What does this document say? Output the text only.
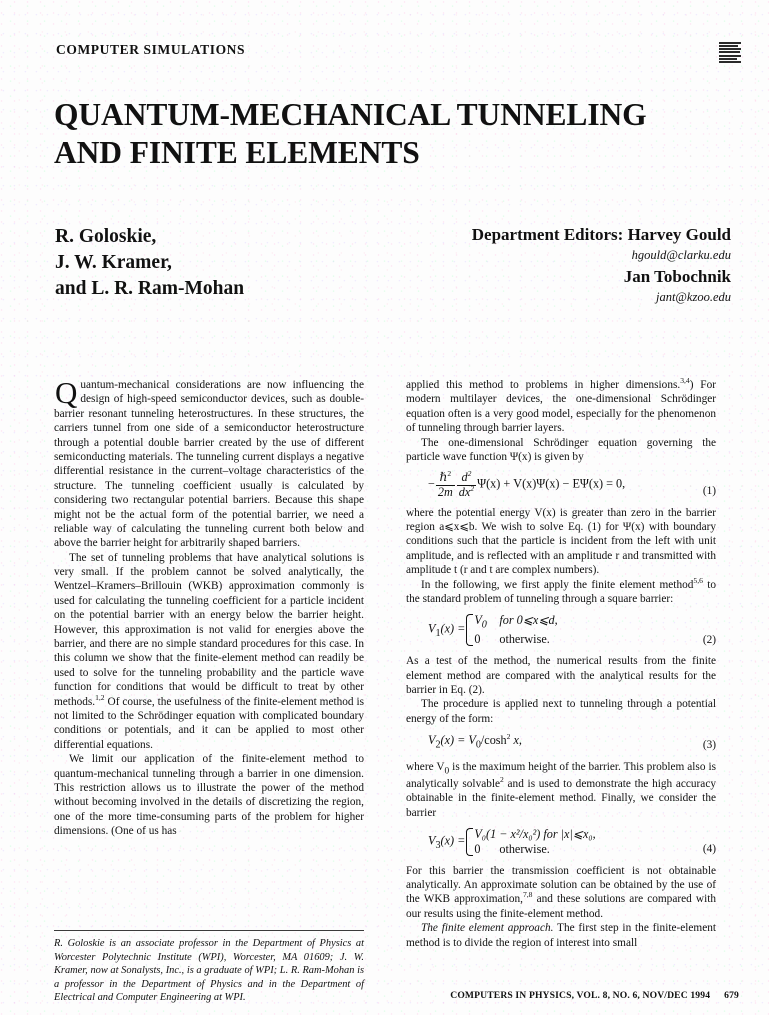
COMPUTER SIMULATIONS
QUANTUM-MECHANICAL TUNNELING
AND FINITE ELEMENTS
R. Goloskie,
J. W. Kramer,
and L. R. Ram-Mohan
Department Editors: Harvey Gould
hgould@clarku.edu
Jan Tobochnik
jant@kzoo.edu

Quantum-mechanical considerations are now influencing the design of high-speed semiconductor devices, such as double-barrier resonant tunneling heterostructures. In these structures, the carriers tunnel from one side of a semiconductor heterostructure through a potential double barrier created by the use of different semiconducting materials. The tunneling current displays a negative differential resistance in the current–voltage characteristics of the structure. The tunneling coefficient usually is calculated by considering two rectangular potential barriers. Because this shape might not be the actual form of the potential barrier, we need a reliable way of calculating the tunneling current both below and above the barrier height for arbitrarily shaped barriers.

The set of tunneling problems that have analytical solutions is very small. If the problem cannot be solved analytically, the Wentzel–Kramers–Brillouin (WKB) approximation commonly is used for calculating the tunneling coefficient for a particle incident on the potential barrier with an energy below the barrier height. However, this approximation is not valid for energies above the barrier, and there are no simple standard procedures for this case. In this column we show that the finite-element method can readily be used to solve for the tunneling probability and the particle wave function for conditions that would be difficult to treat by other methods.$^{1,2}$ Of course, the usefulness of the finite-element method is not limited to the Schrödinger equation with complicated boundary conditions or potentials, and it can be applied to most other differential equations.

We limit our application of the finite-element method to quantum-mechanical tunneling through a barrier in one dimension. This restriction allows us to illustrate the power of the method without becoming involved in the details of discretizing the region, one of the more time-consuming parts of the problem for higher dimensions. (One of us has

applied this method to problems in higher dimensions.$^{3,4}$) For modern multilayer devices, the one-dimensional Schrödinger equation often is a very good model, especially for the phenomenon of tunneling through barrier layers.

The one-dimensional Schrödinger equation governing the particle wave function Ψ(x) is given by

− $\frac{\hbar^2}{2m} \frac{d^2}{dx^2} \Psi(x) + V(x)\Psi(x) - E\Psi(x) = 0$,
(1)

where the potential energy V(x) is greater than zero in the barrier region a⩽x⩽b. We wish to solve Eq. (1) for Ψ(x) with boundary conditions such that the particle is incident from the left with unit amplitude, and is reflected with an amplitude r and transmitted with amplitude t (r and t are complex numbers).

In the following, we first apply the finite element method$^{5,6}$ to the standard problem of tunneling through a square barrier:

$V_1(x)$ =
$V_0$ for 0⩽x⩽d,
0 otherwise.	(2)

As a test of the method, the numerical results from the finite element method are compared with the analytical results for the barrier in Eq. (2).

The procedure is applied next to tunneling through a potential energy of the form:

$V_2(x) = V_0/\cosh^2$ x,	(3)

where $V_0$ is the maximum height of the barrier. This problem also is analytically solvable$^2$ and is used to demonstrate the high accuracy obtainable in the finite-element method. Finally, we consider the barrier

$V_3(x) = V_0(1 - x^2/x_0^2)$ for |x|⩽x₀,
0 otherwise.	(4)

For this barrier the transmission coefficient is not obtainable analytically. An approximate solution can be obtained by the use of the WKB approximation,$^{7,8}$ and these solutions are compared with our results using the finite-element method.

The finite element approach. The first step in the finite-element method is to divide the region of interest into small

R. Goloskie is an associate professor in the Department of Physics at Worcester Polytechnic Institute (WPI), Worcester, MA 01609; J. W. Kramer, now at Sonalysts, Inc., is a graduate of WPI; L. R. Ram-Mohan is a professor in the Department of Physics and in the Department of Electrical and Computer Engineering at WPI.	COMPUTERS IN PHYSICS, VOL. 8, NO. 6, NOV/DEC 1994 679
